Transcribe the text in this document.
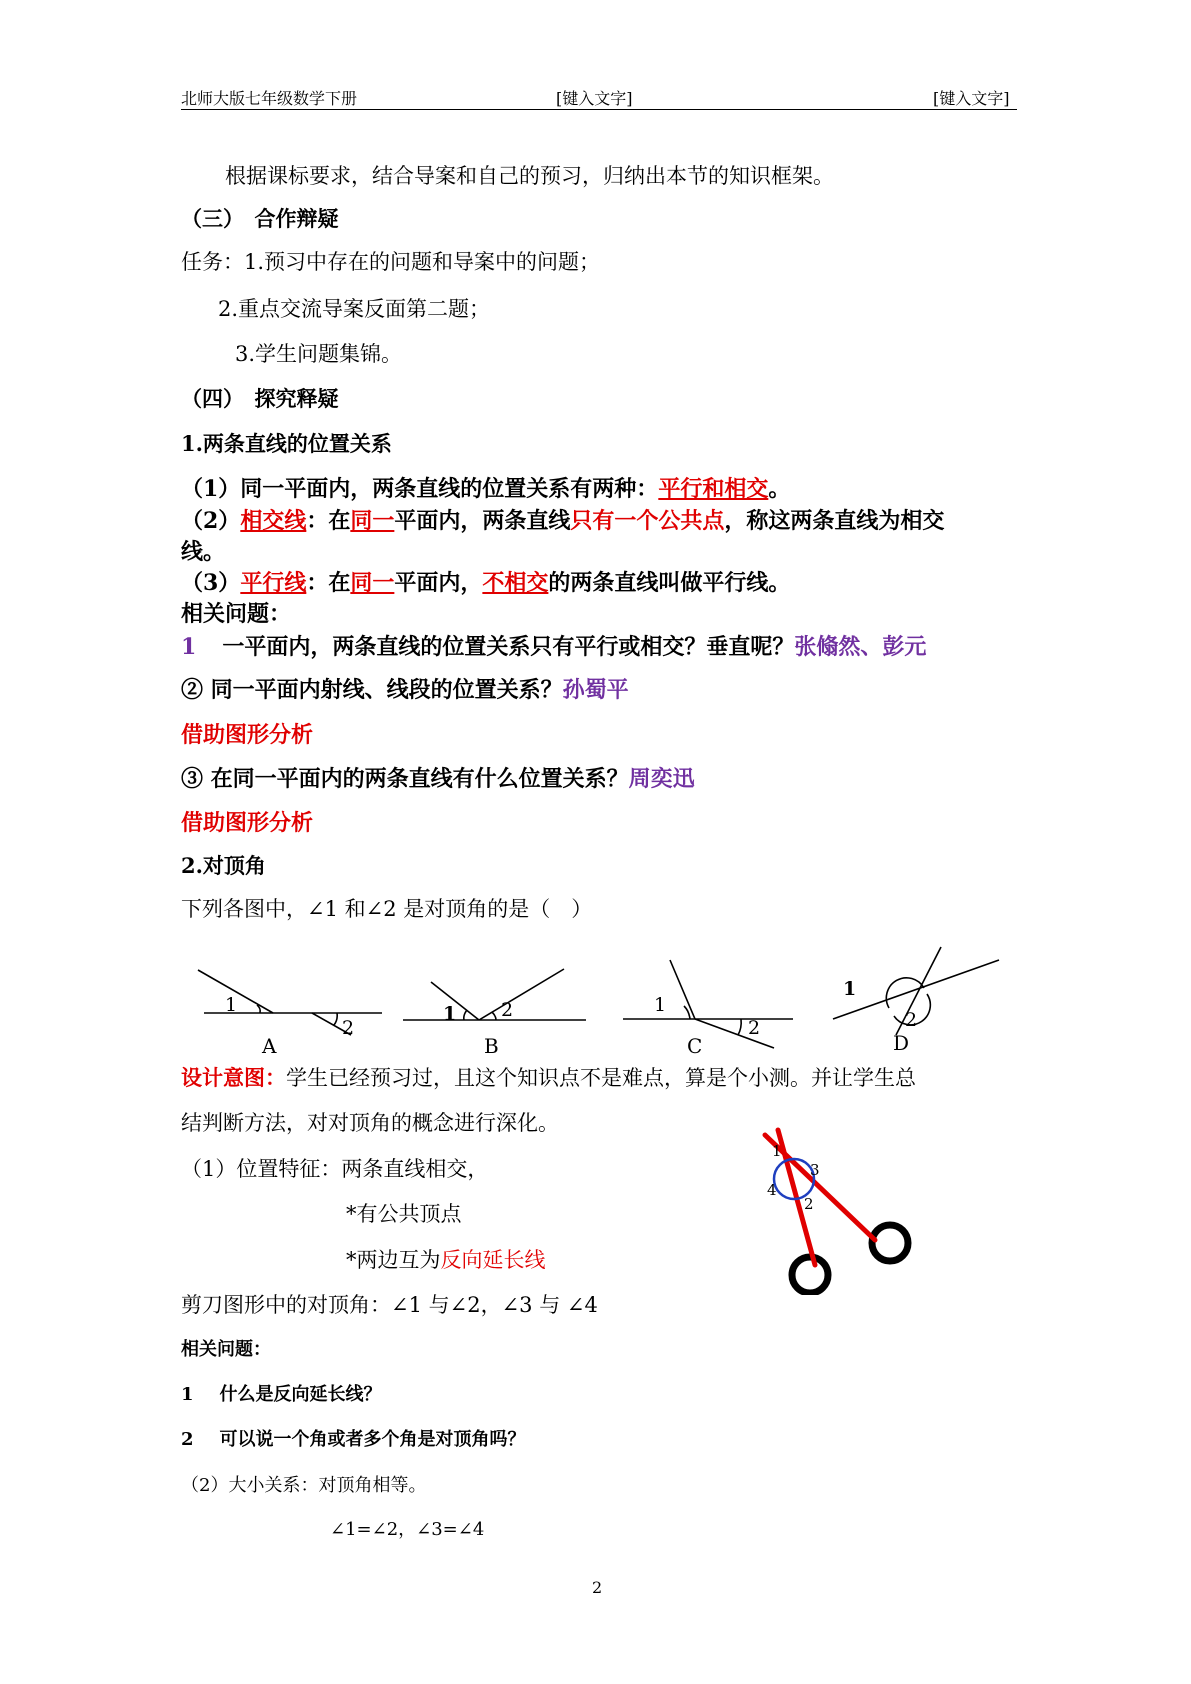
北师大版七年级数学下册	[键入文字]	[键入文字]
根据课标要求，结合导案和自己的预习，归纳出本节的知识框架。
（三）　合作辩疑
任务：1.预习中存在的问题和导案中的问题；
2.重点交流导案反面第二题；
3.学生问题集锦。
（四）　探究释疑
1.两条直线的位置关系
（1）同一平面内，两条直线的位置关系有两种：平行和相交。
（2）相交线：在同一平面内，两条直线只有一个公共点，称这两条直线为相交
线。
（3）平行线：在同一平面内，不相交的两条直线叫做平行线。
相关问题：
1 一平面内，两条直线的位置关系只有平行或相交？垂直呢？张翛然、彭元
② 同一平面内射线、线段的位置关系？孙蜀平
借助图形分析
③ 在同一平面内的两条直线有什么位置关系？周奕迅
借助图形分析
2.对顶角
下列各图中，∠1 和∠2 是对顶角的是（　）
1
2
1 2	1
2
1
2
A	B	C	D
设计意图：学生已经预习过，且这个知识点不是难点，算是个小测。并让学生总
结判断方法，对对顶角的概念进行深化。
（1）位置特征：两条直线相交，
*有公共顶点
*两边互为反向延长线
1
2
3
4
剪刀图形中的对顶角：∠1 与∠2，∠3 与 ∠4
相关问题：
1 什么是反向延长线？
2 可以说一个角或者多个角是对顶角吗？
（2）大小关系：对顶角相等。
∠1=∠2，∠3=∠4
2
